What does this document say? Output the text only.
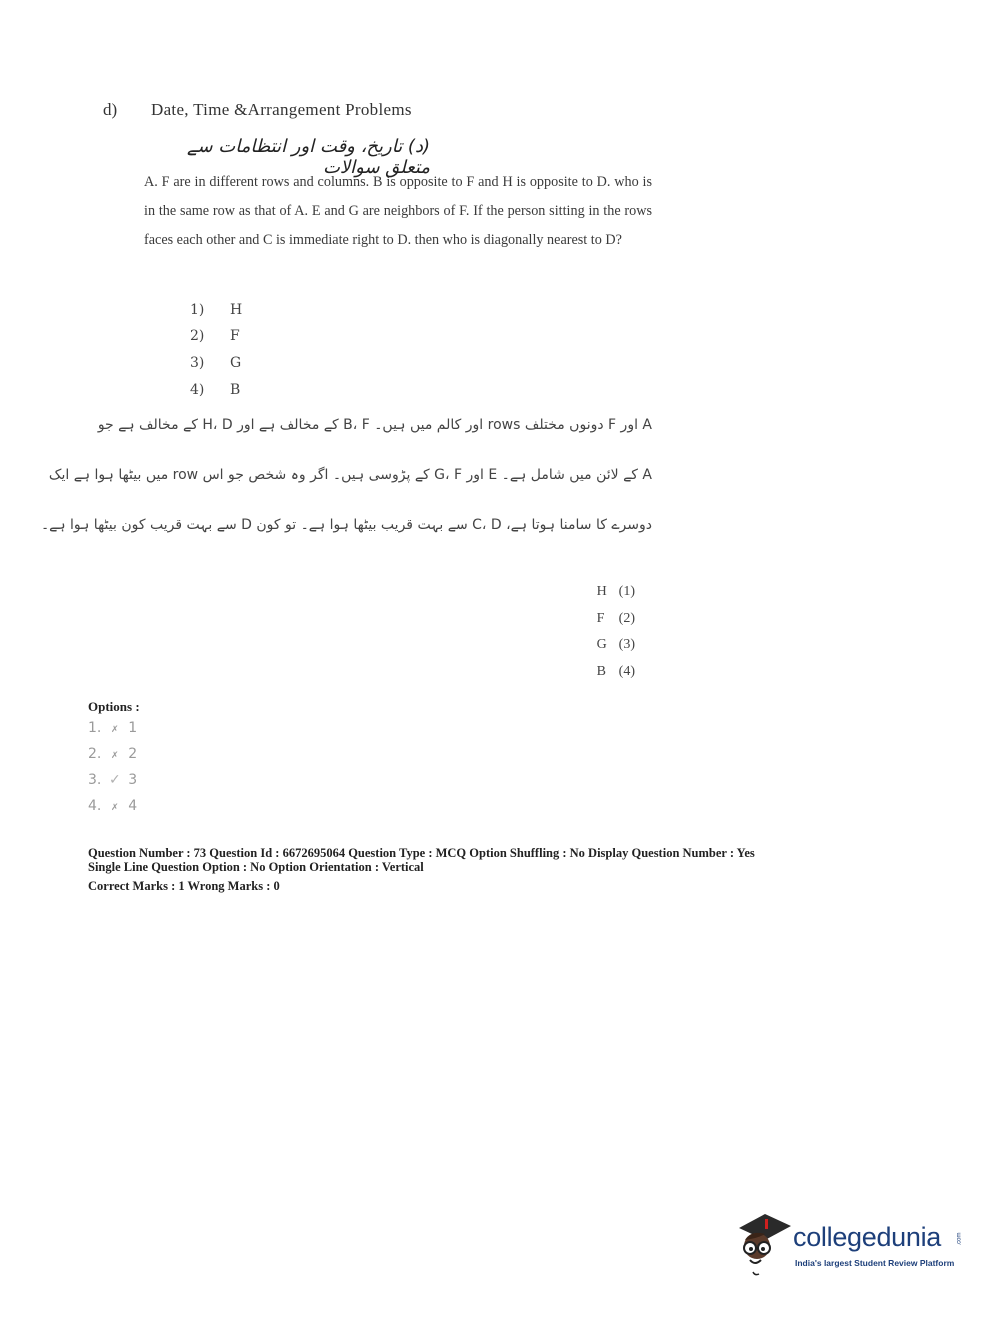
d) Date, Time &Arrangement Problems
(د) تاریخ، وقت اور انتظامات سے متعلق سوالات
A. F are in different rows and columns. B is opposite to F and H is opposite to D. who is in the same row as that of A. E and G are neighbors of F. If the person sitting in the rows faces each other and C is immediate right to D. then who is diagonally nearest to D?
1) H
2) F
3) G
4) B
A اور F دونوں مختلف rows اور کالم میں ہیں۔ B، F کے مخالف ہے اور H، D کے مخالف ہے جو
A کے لائن میں شامل ہے۔ E اور G، F کے پڑوسی ہیں۔ اگر وہ شخص جو اس row میں بیٹھا ہوا ہے ایک
دوسرے کا سامنا ہوتا ہے، C، D سے بہت قریب بیٹھا ہوا ہے۔ تو کون D سے بہت قریب کون بیٹھا ہوا ہے۔
H (1)
F (2)
G (3)
B (4)
Options :
1. ✗ 1
2. ✗ 2
3. ✓ 3
4. ✗ 4
Question Number : 73 Question Id : 6672695064 Question Type : MCQ Option Shuffling : No Display Question Number : Yes
Single Line Question Option : No Option Orientation : Vertical
Correct Marks : 1 Wrong Marks : 0
collegedunia	.com
India's largest Student Review Platform
